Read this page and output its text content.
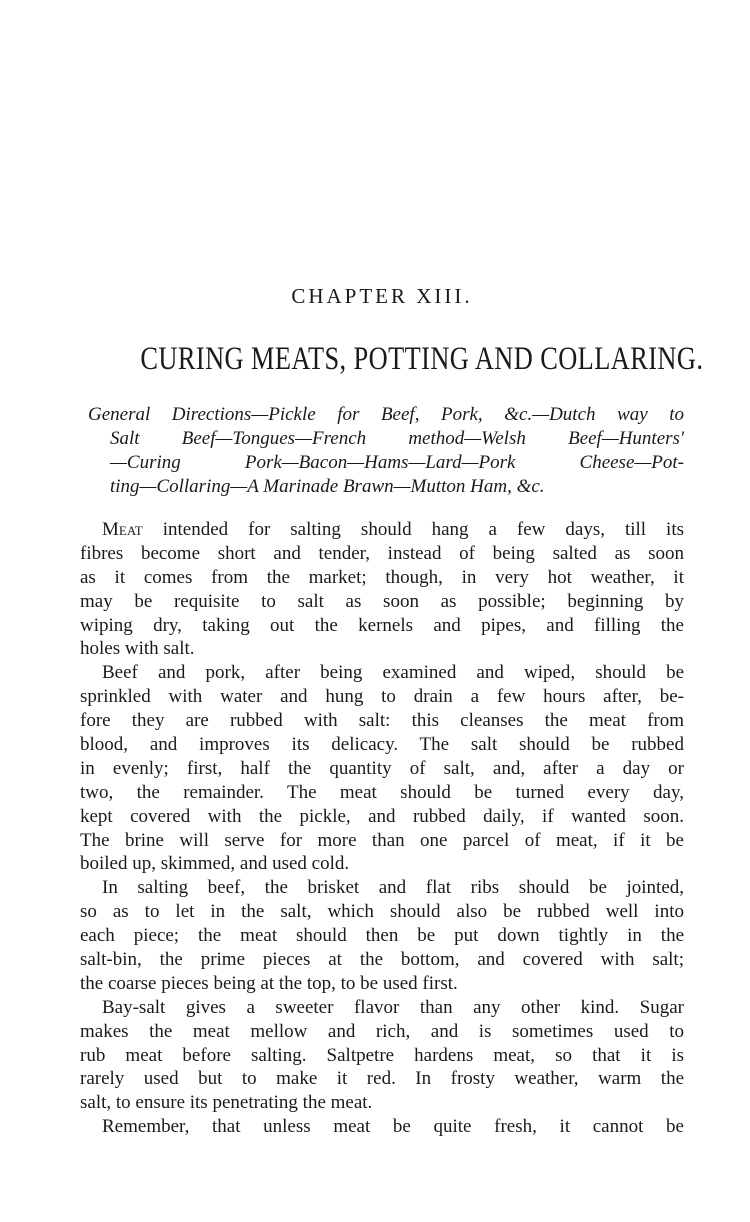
CHAPTER XIII.
CURING MEATS, POTTING AND COLLARING.
General Directions—Pickle for Beef, Pork, &c.—Dutch way to
Salt Beef—Tongues—French method—Welsh Beef—Hunters'
—Curing Pork—Bacon—Hams—Lard—Pork Cheese—Pot-
ting—Collaring—A Marinade Brawn—Mutton Ham, &c.
Meat intended for salting should hang a few days, till its
fibres become short and tender, instead of being salted as soon
as it comes from the market; though, in very hot weather, it
may be requisite to salt as soon as possible; beginning by
wiping dry, taking out the kernels and pipes, and filling the
holes with salt.
Beef and pork, after being examined and wiped, should be
sprinkled with water and hung to drain a few hours after, be-
fore they are rubbed with salt: this cleanses the meat from
blood, and improves its delicacy. The salt should be rubbed
in evenly; first, half the quantity of salt, and, after a day or
two, the remainder. The meat should be turned every day,
kept covered with the pickle, and rubbed daily, if wanted soon.
The brine will serve for more than one parcel of meat, if it be
boiled up, skimmed, and used cold.
In salting beef, the brisket and flat ribs should be jointed,
so as to let in the salt, which should also be rubbed well into
each piece; the meat should then be put down tightly in the
salt-bin, the prime pieces at the bottom, and covered with salt;
the coarse pieces being at the top, to be used first.
Bay-salt gives a sweeter flavor than any other kind. Sugar
makes the meat mellow and rich, and is sometimes used to
rub meat before salting. Saltpetre hardens meat, so that it is
rarely used but to make it red. In frosty weather, warm the
salt, to ensure its penetrating the meat.
Remember, that unless meat be quite fresh, it cannot be
